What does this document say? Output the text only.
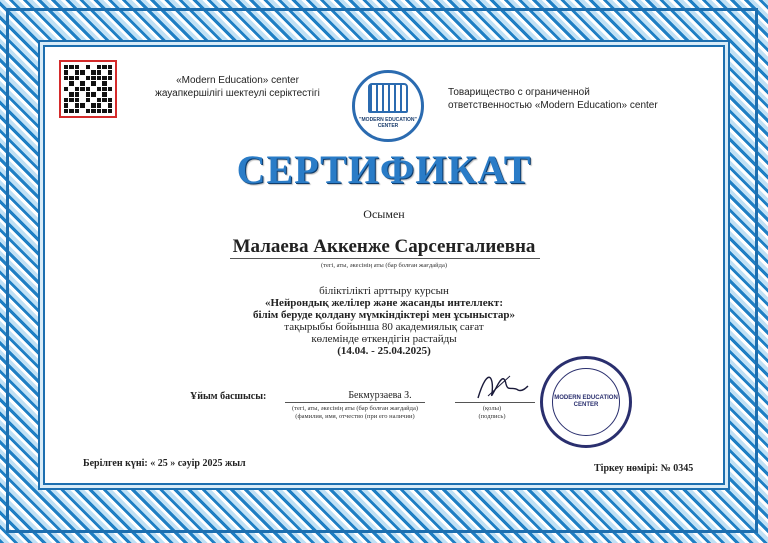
«Modern Education» center
жауапкершілігі шектеулі серіктестігі
"MODERN EDUCATION" CENTER
Товарищество с ограниченной
ответственностью «Modern Education» center
СЕРТИФИКАТ
Осымен
Малаева Аккенже Сарсенгалиевна
(тегі, аты, әкесінің аты (бар болған жағдайда)
біліктілікті арттыру курсын
«Нейрондық желілер және жасанды интеллект:
білім беруде қолдану мүмкіндіктері мен ұсыныстар»
тақырыбы бойынша 80 академиялық сағат
көлемінде өткендігін растайды
(14.04. - 25.04.2025)
Ұйым басшысы:	Бекмурзаева З.
(тегі, аты, әкесінің аты (бар болған жағдайда)
(фамилия, имя, отчество (при его наличии)
(қолы)
(подпись)
MODERN EDUCATION
CENTER
Берілген күні: « 25 » сәуір 2025 жыл	Тіркеу нөмірі: № 0345
